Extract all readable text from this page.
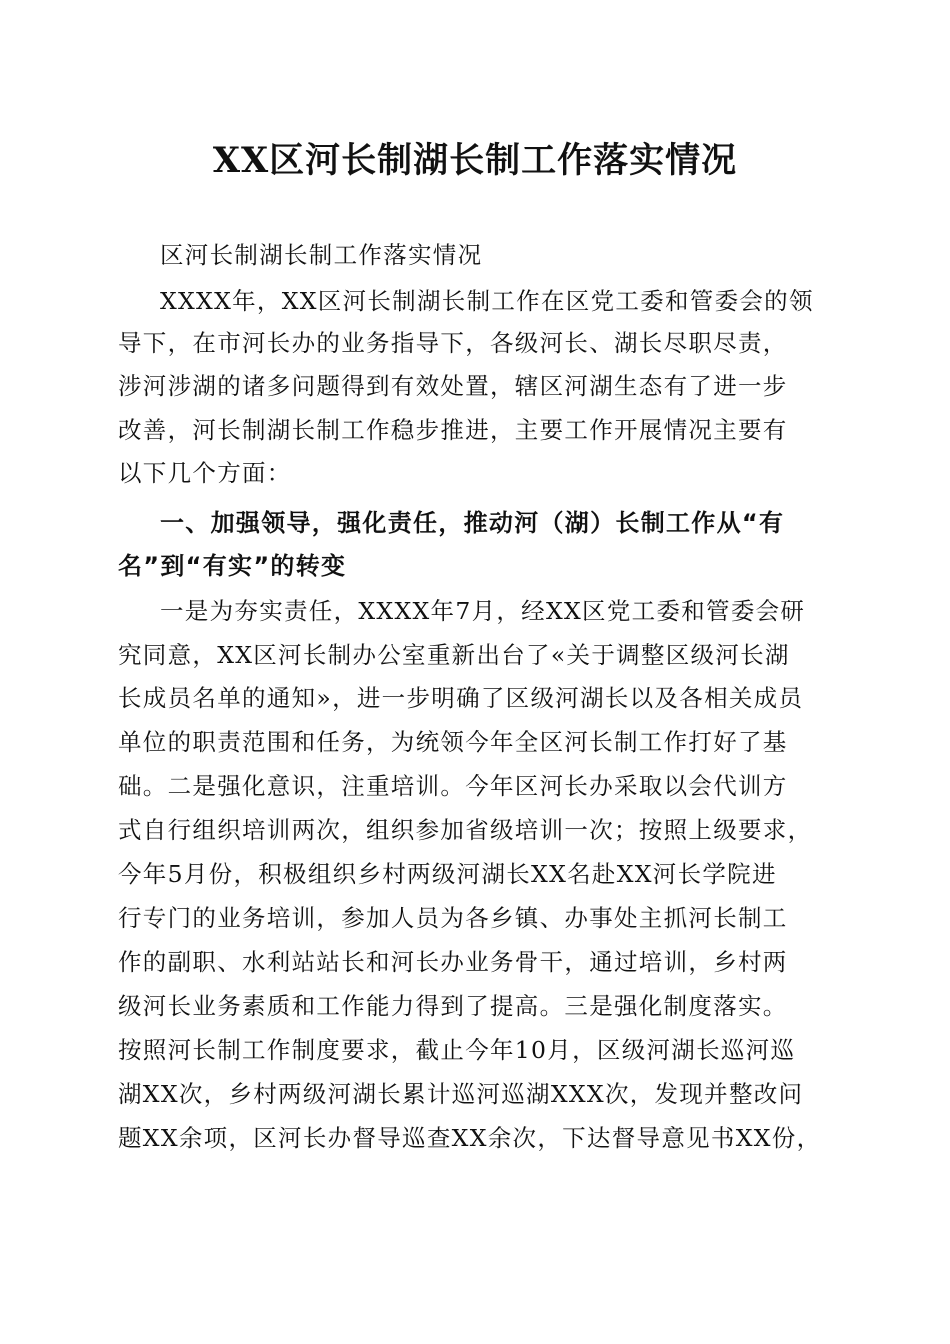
XX区河长制湖长制工作落实情况
区河长制湖长制工作落实情况
XXXX年，XX区河长制湖长制工作在区党工委和管委会的领
导下，在市河长办的业务指导下，各级河长、湖长尽职尽责，
涉河涉湖的诸多问题得到有效处置，辖区河湖生态有了进一步
改善，河长制湖长制工作稳步推进，主要工作开展情况主要有
以下几个方面：
一、加强领导，强化责任，推动河（湖）长制工作从“有
名”到“有实”的转变
一是为夯实责任，XXXX年7月，经XX区党工委和管委会研
究同意，XX区河长制办公室重新出台了«关于调整区级河长湖
长成员名单的通知»，进一步明确了区级河湖长以及各相关成员
单位的职责范围和任务，为统领今年全区河长制工作打好了基
础。二是强化意识，注重培训。今年区河长办采取以会代训方
式自行组织培训两次，组织参加省级培训一次；按照上级要求，
今年5月份，积极组织乡村两级河湖长XX名赴XX河长学院进
行专门的业务培训，参加人员为各乡镇、办事处主抓河长制工
作的副职、水利站站长和河长办业务骨干，通过培训，乡村两
级河长业务素质和工作能力得到了提高。三是强化制度落实。
按照河长制工作制度要求，截止今年10月，区级河湖长巡河巡
湖XX次，乡村两级河湖长累计巡河巡湖XXX次，发现并整改问
题XX余项，区河长办督导巡查XX余次，下达督导意见书XX份，
